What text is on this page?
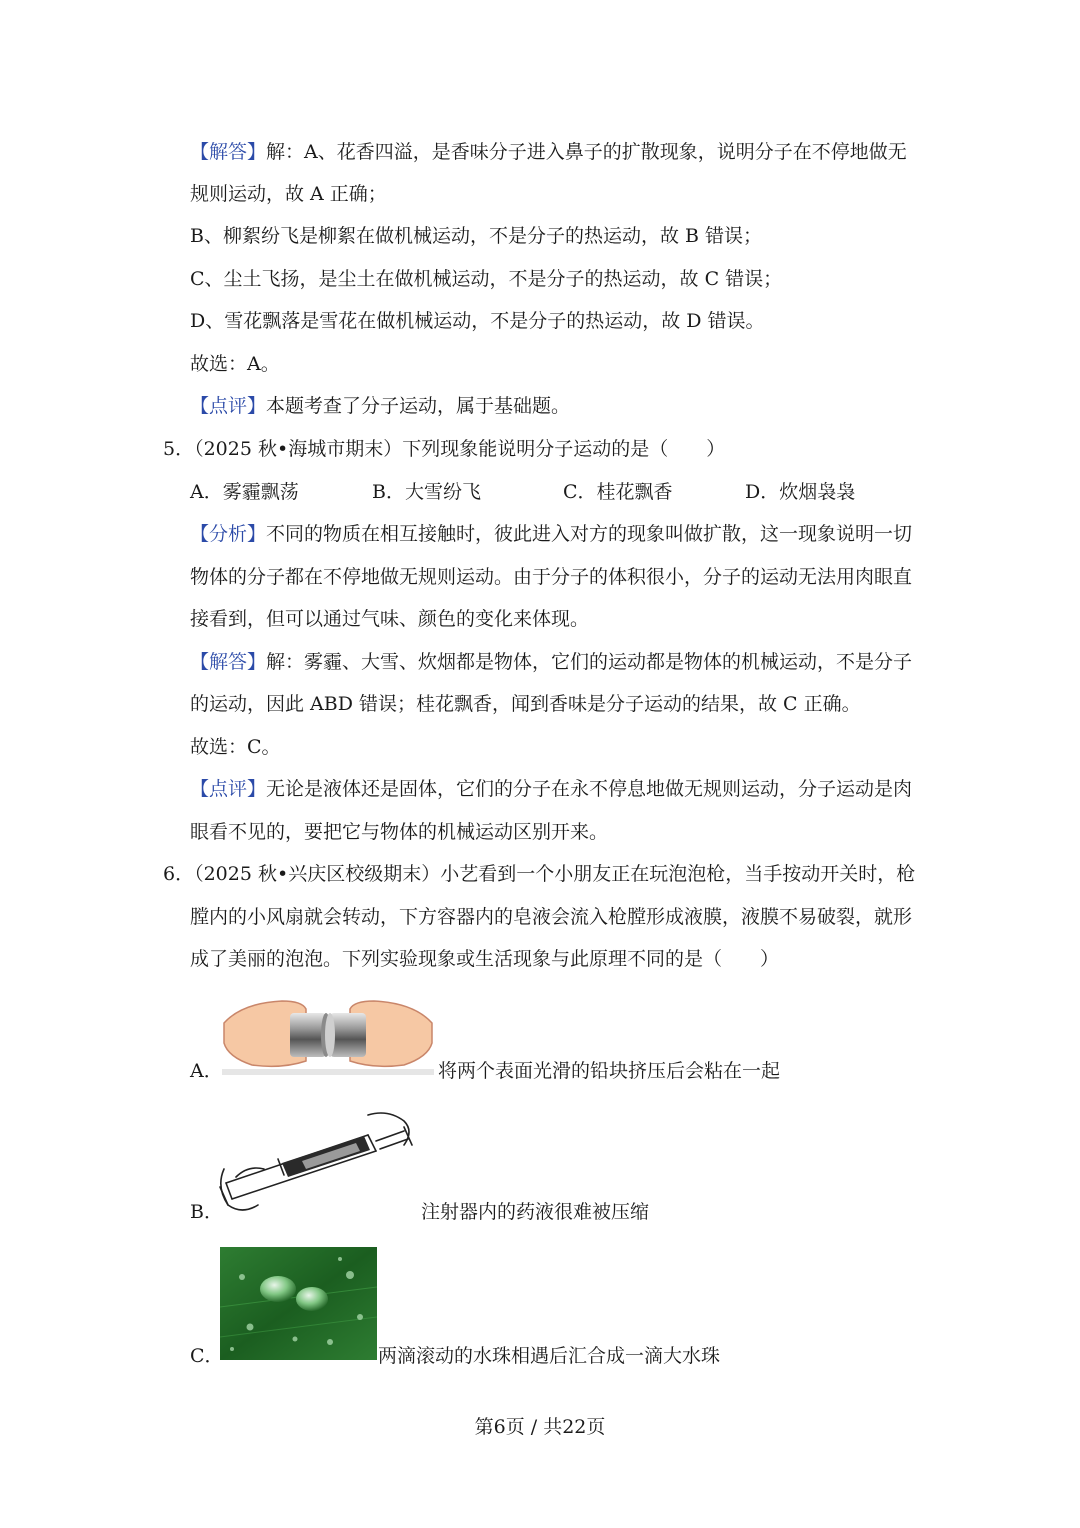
【解答】解：A、花香四溢，是香味分子进入鼻子的扩散现象，说明分子在不停地做无
规则运动，故 A 正确；
B、柳絮纷飞是柳絮在做机械运动，不是分子的热运动，故 B 错误；
C、尘土飞扬，是尘土在做机械运动，不是分子的热运动，故 C 错误；
D、雪花飘落是雪花在做机械运动，不是分子的热运动，故 D 错误。
故选：A。
【点评】本题考查了分子运动，属于基础题。
5．（2025 秋•海城市期末）下列现象能说明分子运动的是（　　）
A．雾霾飘荡	B．大雪纷飞	C．桂花飘香	D．炊烟袅袅
【分析】不同的物质在相互接触时，彼此进入对方的现象叫做扩散，这一现象说明一切
物体的分子都在不停地做无规则运动。由于分子的体积很小，分子的运动无法用肉眼直
接看到，但可以通过气味、颜色的变化来体现。
【解答】解：雾霾、大雪、炊烟都是物体，它们的运动都是物体的机械运动，不是分子
的运动，因此 ABD 错误；桂花飘香，闻到香味是分子运动的结果，故 C 正确。
故选：C。
【点评】无论是液体还是固体，它们的分子在永不停息地做无规则运动，分子运动是肉
眼看不见的，要把它与物体的机械运动区别开来。
6．（2025 秋•兴庆区校级期末）小艺看到一个小朋友正在玩泡泡枪，当手按动开关时，枪
膛内的小风扇就会转动，下方容器内的皂液会流入枪膛形成液膜，液膜不易破裂，就形
成了美丽的泡泡。下列实验现象或生活现象与此原理不同的是（　　）
A．	将两个表面光滑的铅块挤压后会粘在一起
B．	注射器内的药液很难被压缩
C．	两滴滚动的水珠相遇后汇合成一滴大水珠
第6页 / 共22页
